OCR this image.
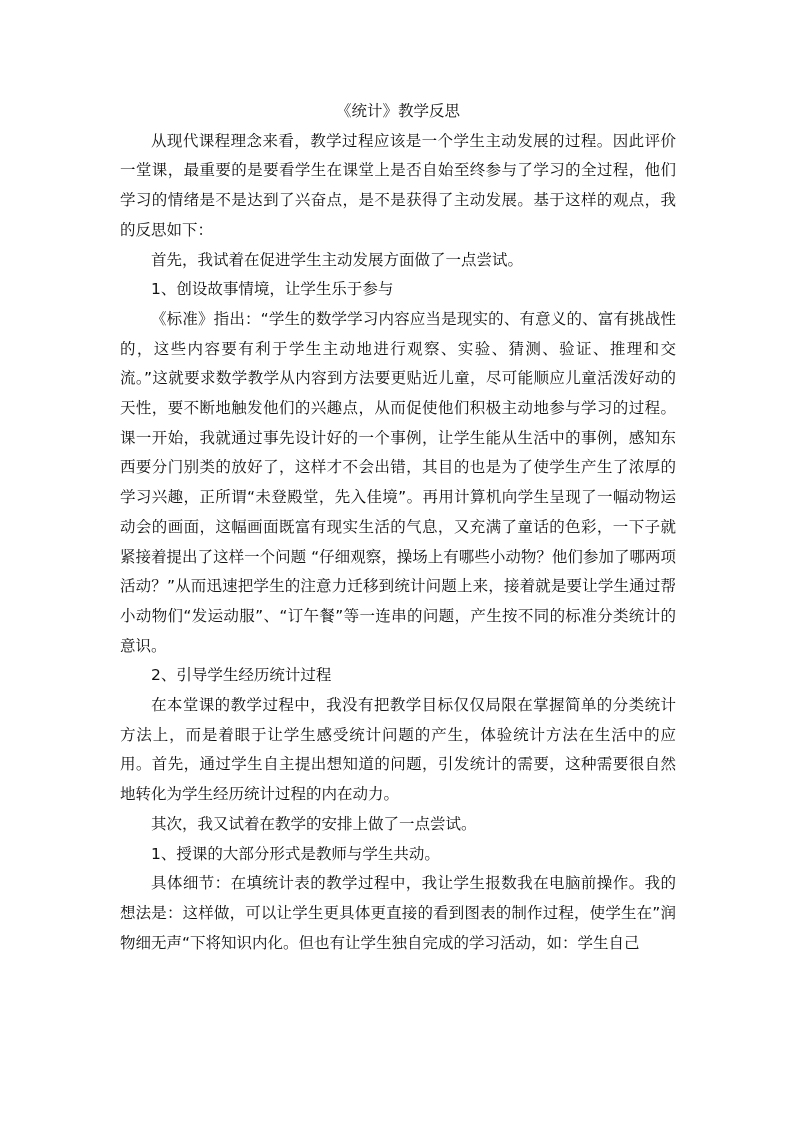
《统计》教学反思

从现代课程理念来看，教学过程应该是一个学生主动发展的过程。因此评价一堂课，最重要的是要看学生在课堂上是否自始至终参与了学习的全过程，他们学习的情绪是不是达到了兴奋点，是不是获得了主动发展。基于这样的观点，我的反思如下：

首先，我试着在促进学生主动发展方面做了一点尝试。

1、创设故事情境，让学生乐于参与

《标准》指出：“学生的数学学习内容应当是现实的、有意义的、富有挑战性的，这些内容要有利于学生主动地进行观察、实验、猜测、验证、推理和交流。”这就要求数学教学从内容到方法要更贴近儿童，尽可能顺应儿童活泼好动的天性，要不断地触发他们的兴趣点，从而促使他们积极主动地参与学习的过程。课一开始，我就通过事先设计好的一个事例，让学生能从生活中的事例，感知东西要分门别类的放好了，这样才不会出错，其目的也是为了使学生产生了浓厚的学习兴趣，正所谓“未登殿堂，先入佳境”。再用计算机向学生呈现了一幅动物运动会的画面，这幅画面既富有现实生活的气息，又充满了童话的色彩，一下子就紧接着提出了这样一个问题 “仔细观察，操场上有哪些小动物？他们参加了哪两项活动？”从而迅速把学生的注意力迁移到统计问题上来，接着就是要让学生通过帮小动物们“发运动服”、“订午餐”等一连串的问题，产生按不同的标准分类统计的意识。

2、引导学生经历统计过程

在本堂课的教学过程中，我没有把教学目标仅仅局限在掌握简单的分类统计方法上，而是着眼于让学生感受统计问题的产生，体验统计方法在生活中的应用。首先，通过学生自主提出想知道的问题，引发统计的需要，这种需要很自然地转化为学生经历统计过程的内在动力。

其次，我又试着在教学的安排上做了一点尝试。

1、授课的大部分形式是教师与学生共动。

具体细节：在填统计表的教学过程中，我让学生报数我在电脑前操作。我的想法是：这样做，可以让学生更具体更直接的看到图表的制作过程，使学生在”润物细无声“下将知识内化。但也有让学生独自完成的学习活动，如：学生自己
